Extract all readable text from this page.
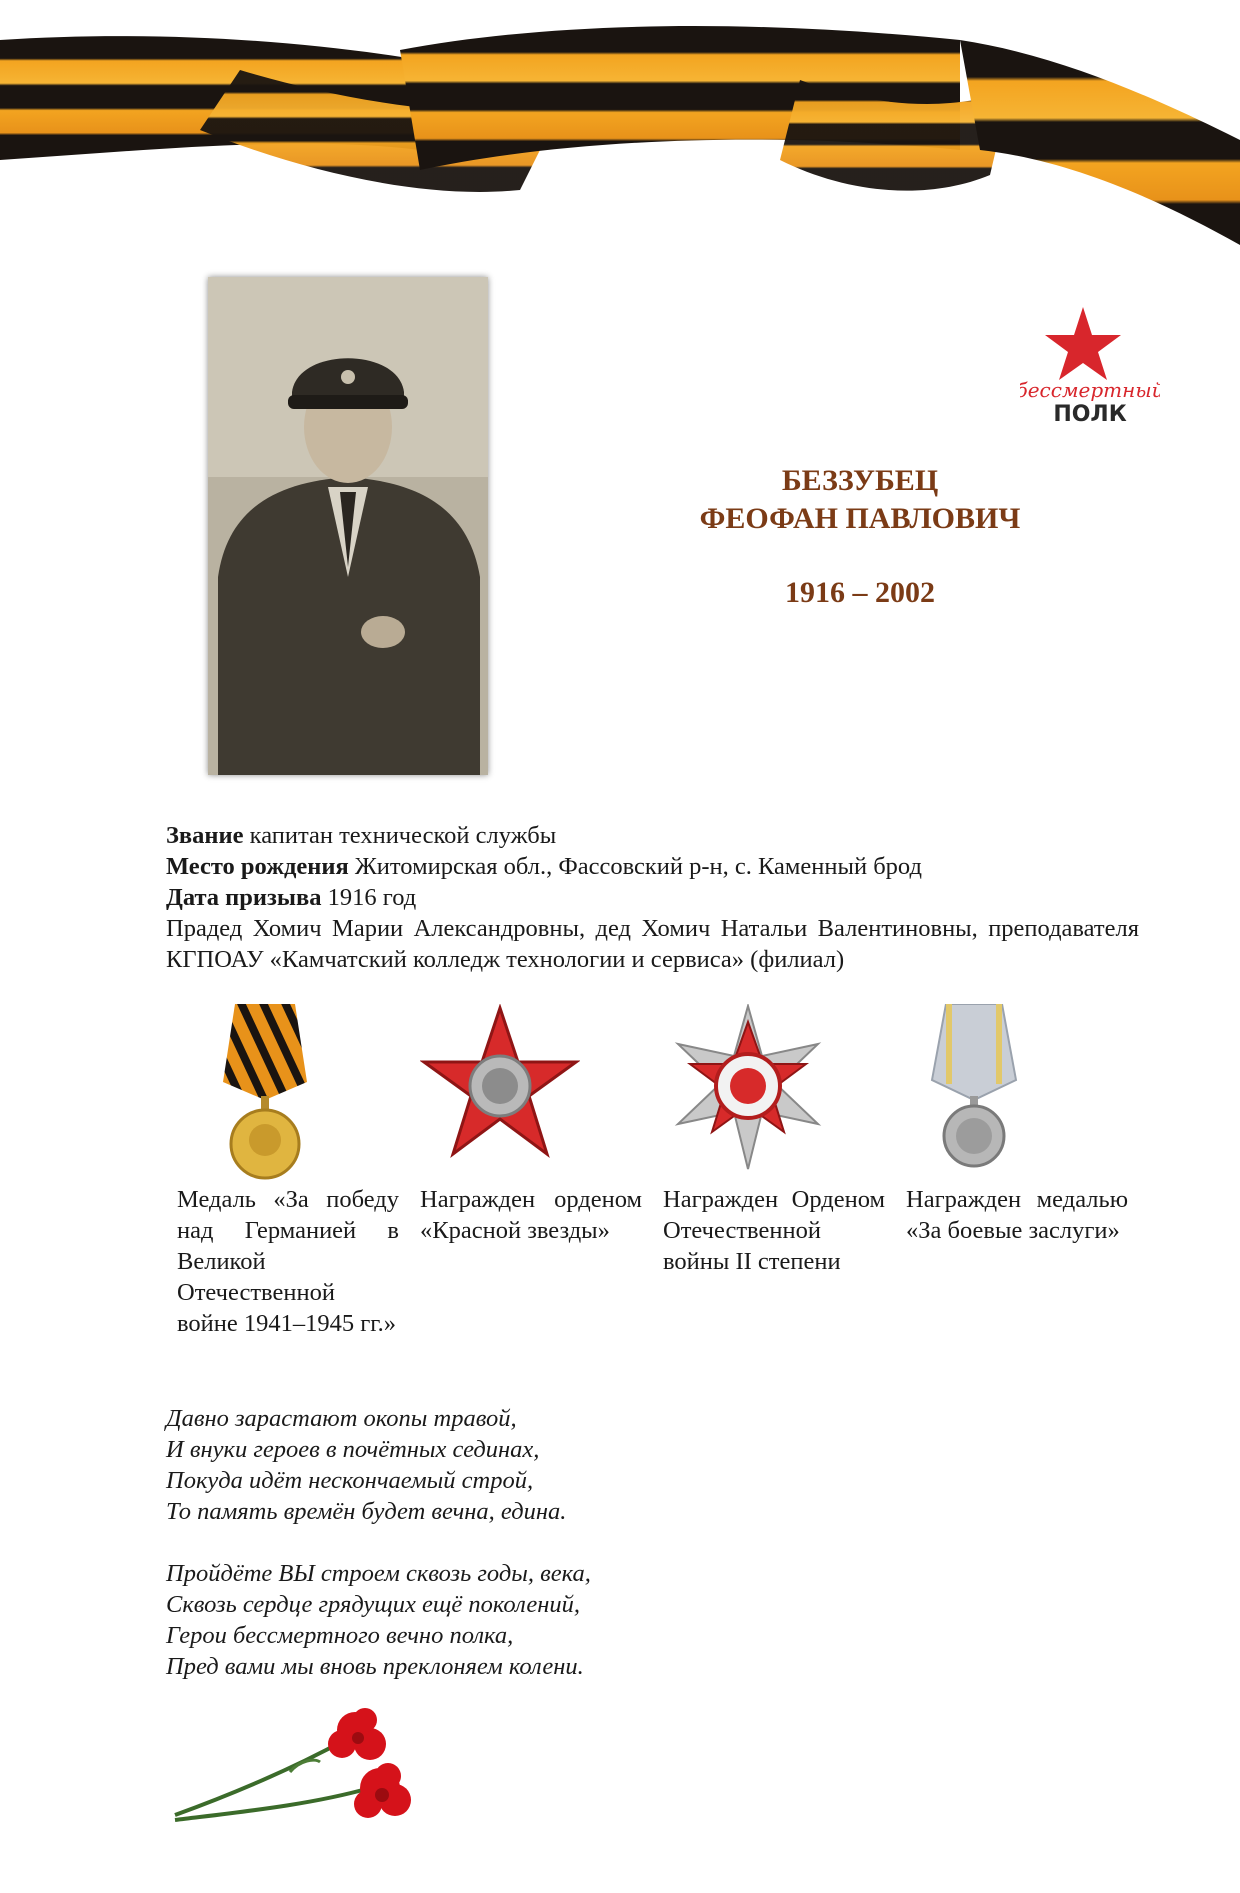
бессмертный
ПОЛК
БЕЗЗУБЕЦ
ФЕОФАН ПАВЛОВИЧ
1916 – 2002

Звание капитан технической службы

Место рождения Житомирская обл., Фассовский р-н, с. Каменный брод

Дата призыва 1916 год

Прадед Хомич Марии Александровны, дед Хомич Натальи Валентиновны, преподавателя КГПОАУ «Камчатский колледж технологии и сервиса» (филиал)

Медаль «За победу над Германией в Великой Отечественной войне 1941–1945 гг.»
Награжден орденом «Красной звезды»
Награжден Орденом Отечественной войны II степени
Награжден медалью «За боевые заслуги»
Давно зарастают окопы травой,
И внуки героев в почётных сединах,
Покуда идёт нескончаемый строй,
То память времён будет вечна, едина.
Пройдёте ВЫ строем сквозь годы, века,
Сквозь сердце грядущих ещё поколений,
Герои бессмертного вечно полка,
Пред вами мы вновь преклоняем колени.
